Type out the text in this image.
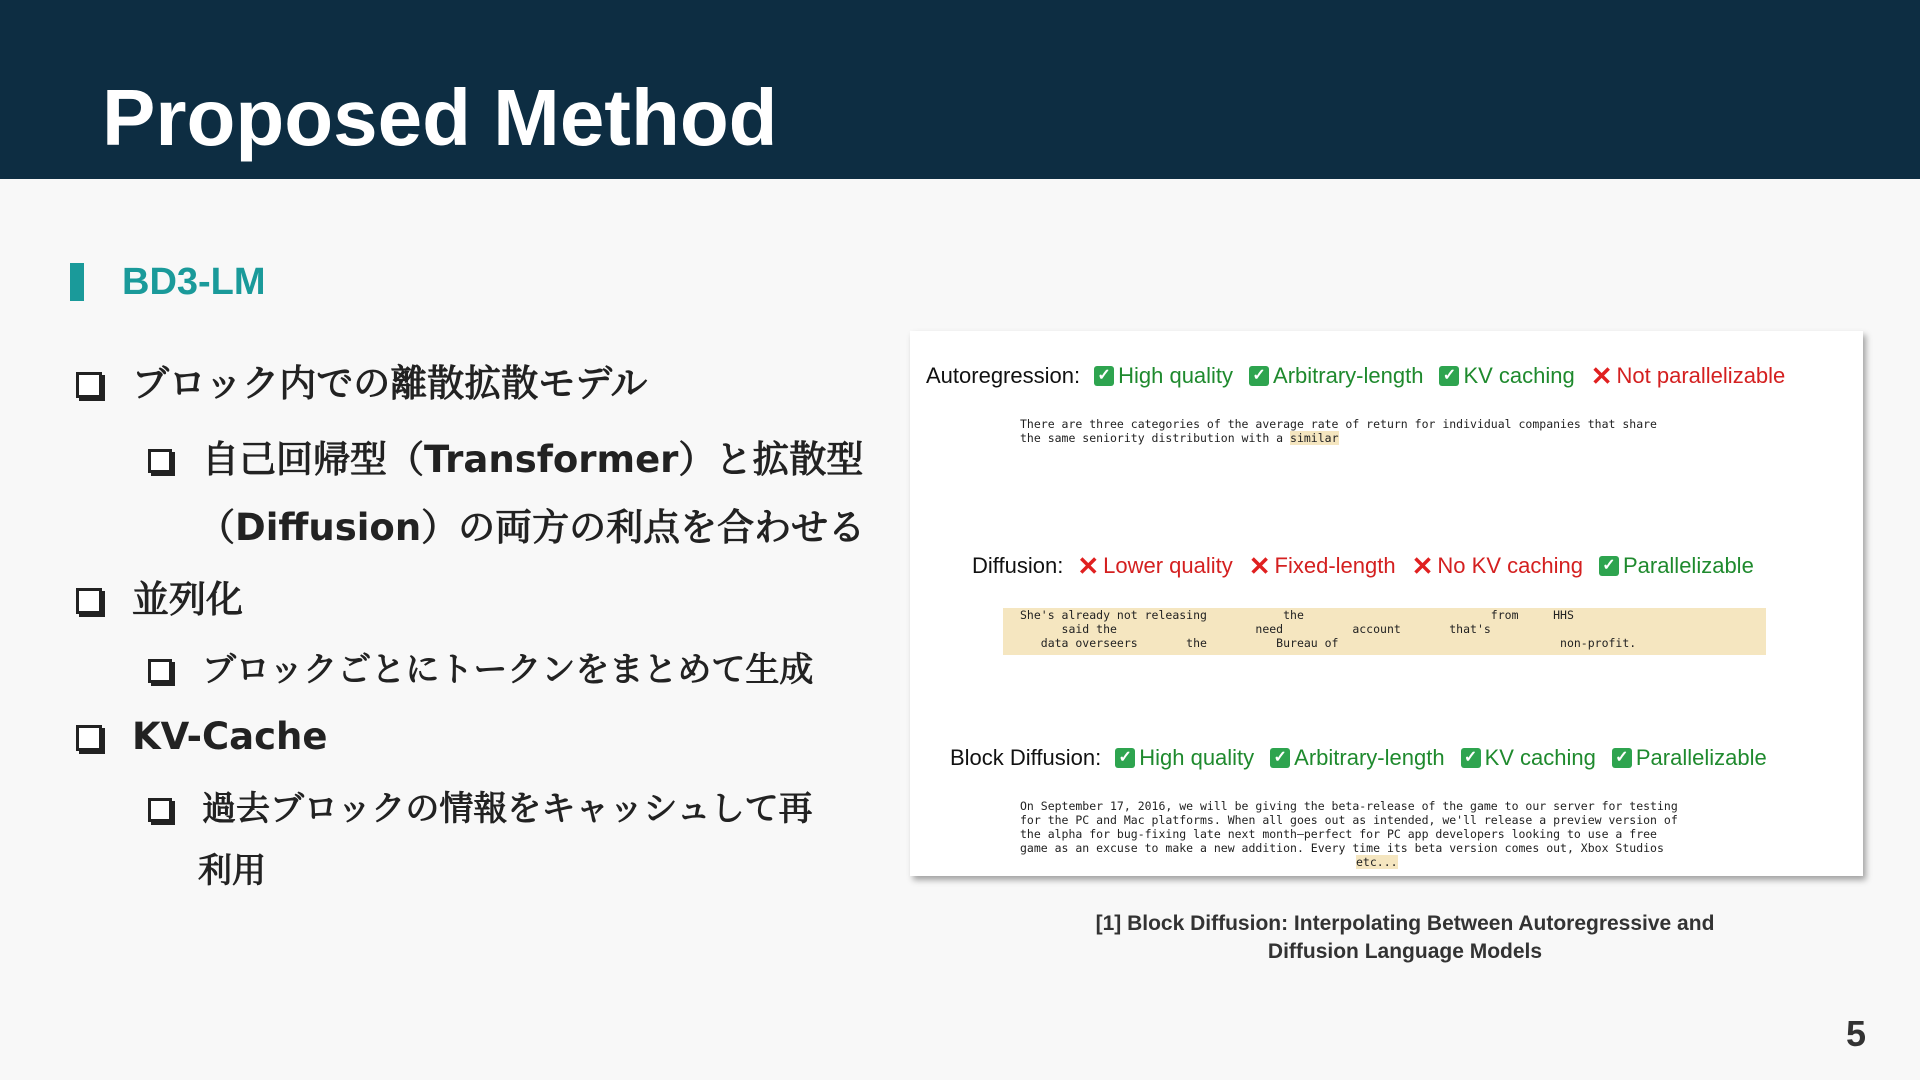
Proposed Method
BD3-LM
ブロック内での離散拡散モデル
自己回帰型（Transformer）と拡散型
（Diffusion）の両方の利点を合わせる
並列化
ブロックごとにトークンをまとめて生成
KV-Cache
過去ブロックの情報をキャッシュして再
利用
Autoregression: ✓ High quality ✓ Arbitrary-length ✓ KV caching ✕ Not parallelizable
There are three categories of the average rate of return for individual companies that share
the same seniority distribution with a similar
Diffusion: ✕ Lower quality ✕ Fixed-length ✕ No KV caching ✓ Parallelizable
She's already not releasing           the                           from     HHS
said the                    need          account       that's
data overseers       the          Bureau of                                non-profit.
Block Diffusion: ✓ High quality ✓ Arbitrary-length ✓ KV caching ✓ Parallelizable
On September 17, 2016, we will be giving the beta-release of the game to our server for testing
for the PC and Mac platforms. When all goes out as intended, we'll release a preview version of
the alpha for bug-fixing late next month—perfect for PC app developers looking to use a free
game as an excuse to make a new addition. Every time its beta version comes out, Xbox Studios
etc...
[1] Block Diffusion: Interpolating Between Autoregressive and
Diffusion Language Models
5
